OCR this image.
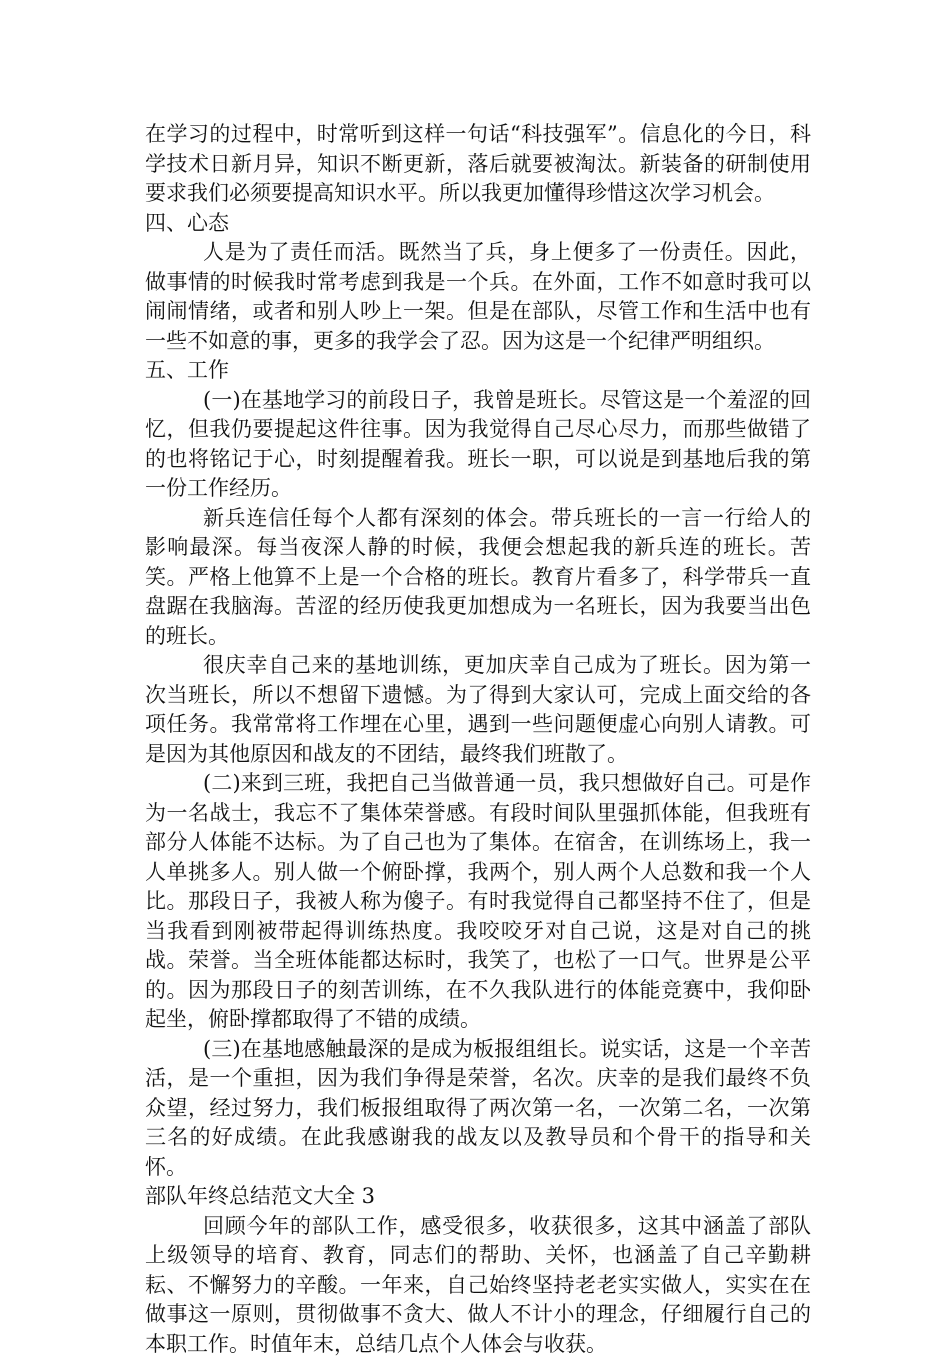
在学习的过程中，时常听到这样一句话“科技强军”。信息化的今日，科学技术日新月异，知识不断更新，落后就要被淘汰。新装备的研制使用要求我们必须要提高知识水平。所以我更加懂得珍惜这次学习机会。

四、心态

人是为了责任而活。既然当了兵，身上便多了一份责任。因此，做事情的时候我时常考虑到我是一个兵。在外面，工作不如意时我可以闹闹情绪，或者和别人吵上一架。但是在部队，尽管工作和生活中也有一些不如意的事，更多的我学会了忍。因为这是一个纪律严明组织。

五、工作

(一)在基地学习的前段日子，我曾是班长。尽管这是一个羞涩的回忆，但我仍要提起这件往事。因为我觉得自己尽心尽力，而那些做错了的也将铭记于心，时刻提醒着我。班长一职，可以说是到基地后我的第一份工作经历。

新兵连信任每个人都有深刻的体会。带兵班长的一言一行给人的影响最深。每当夜深人静的时候，我便会想起我的新兵连的班长。苦笑。严格上他算不上是一个合格的班长。教育片看多了，科学带兵一直盘踞在我脑海。苦涩的经历使我更加想成为一名班长，因为我要当出色的班长。

很庆幸自己来的基地训练，更加庆幸自己成为了班长。因为第一次当班长，所以不想留下遗憾。为了得到大家认可，完成上面交给的各项任务。我常常将工作埋在心里，遇到一些问题便虚心向别人请教。可是因为其他原因和战友的不团结，最终我们班散了。

(二)来到三班，我把自己当做普通一员，我只想做好自己。可是作为一名战士，我忘不了集体荣誉感。有段时间队里强抓体能，但我班有部分人体能不达标。为了自己也为了集体。在宿舍，在训练场上，我一人单挑多人。别人做一个俯卧撑，我两个，别人两个人总数和我一个人比。那段日子，我被人称为傻子。有时我觉得自己都坚持不住了，但是当我看到刚被带起得训练热度。我咬咬牙对自己说，这是对自己的挑战。荣誉。当全班体能都达标时，我笑了，也松了一口气。世界是公平的。因为那段日子的刻苦训练，在不久我队进行的体能竞赛中，我仰卧起坐，俯卧撑都取得了不错的成绩。

(三)在基地感触最深的是成为板报组组长。说实话，这是一个辛苦活，是一个重担，因为我们争得是荣誉，名次。庆幸的是我们最终不负众望，经过努力，我们板报组取得了两次第一名，一次第二名，一次第三名的好成绩。在此我感谢我的战友以及教导员和个骨干的指导和关怀。

部队年终总结范文大全 3

回顾今年的部队工作，感受很多，收获很多，这其中涵盖了部队上级领导的培育、教育，同志们的帮助、关怀，也涵盖了自己辛勤耕耘、不懈努力的辛酸。一年来，自己始终坚持老老实实做人，实实在在做事这一原则，贯彻做事不贪大、做人不计小的理念，仔细履行自己的本职工作。时值年末，总结几点个人体会与收获。
